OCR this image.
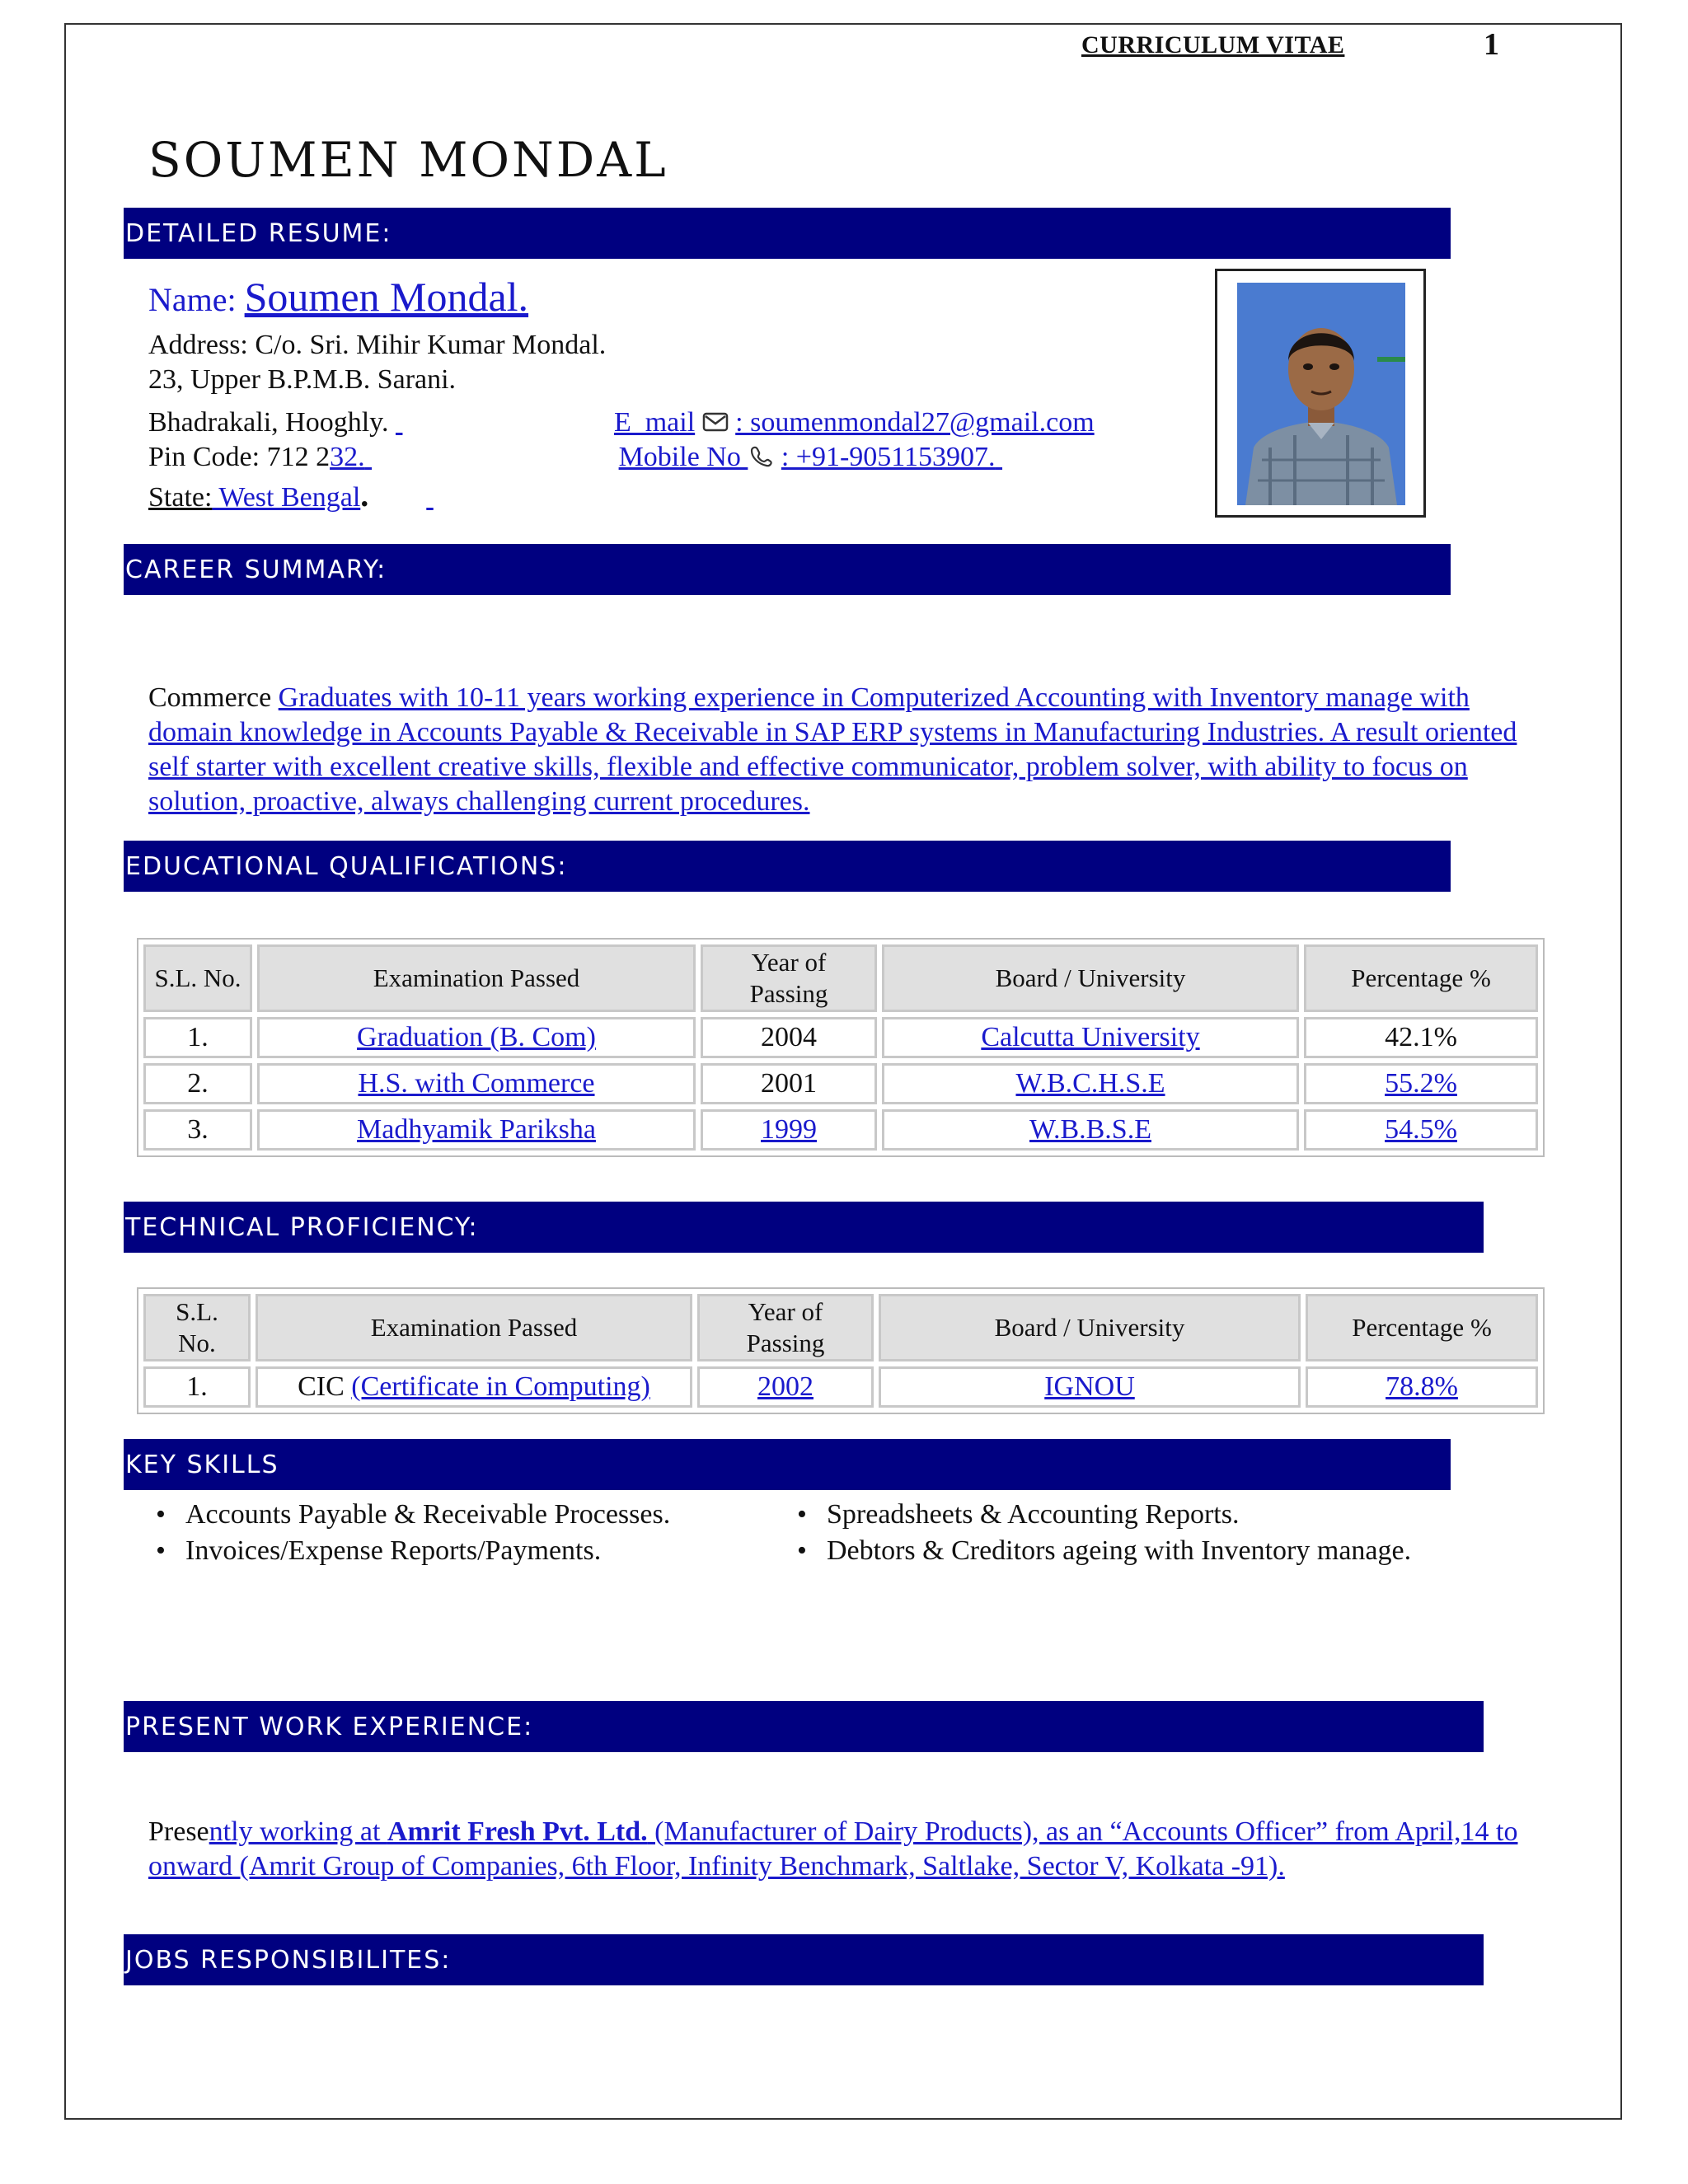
CURRICULUM VITAE	1
SOUMEN MONDAL
DETAILED RESUME:
Name: Soumen Mondal.
Address: C/o. Sri. Mihir Kumar Mondal.
23, Upper B.P.M.B. Sarani.
Bhadrakali, Hooghly.	E_mail  : soumenmondal27@gmail.com
Pin Code: 712 232.	Mobile No  : +91-9051153907.
State: West Bengal.
CAREER SUMMARY:
Commerce Graduates with 10-11 years working experience in Computerized Accounting with Inventory manage with domain knowledge in Accounts Payable & Receivable in SAP ERP systems in Manufacturing Industries. A result oriented self starter with excellent creative skills, flexible and effective communicator, problem solver, with ability to focus on solution, proactive, always challenging current procedures.
EDUCATIONAL QUALIFICATIONS:
S.L. No.	Examination Passed	Year of Passing	Board / University	Percentage %
1.	Graduation (B. Com)	2004	Calcutta University	42.1%
2.	H.S. with Commerce	2001	W.B.C.H.S.E	55.2%
3.	Madhyamik Pariksha	1999	W.B.B.S.E	54.5%
TECHNICAL PROFICIENCY:
S.L. No.	Examination Passed	Year of Passing	Board / University	Percentage %
1.	CIC (Certificate in Computing)	2002	IGNOU	78.8%
KEY SKILLS
• Accounts Payable & Receivable Processes.
• Invoices/Expense Reports/Payments.
• Spreadsheets & Accounting Reports.
• Debtors & Creditors ageing with Inventory manage.
PRESENT WORK EXPERIENCE:
Presently working at Amrit Fresh Pvt. Ltd. (Manufacturer of Dairy Products), as an “Accounts Officer” from April,14 to onward (Amrit Group of Companies, 6th Floor, Infinity Benchmark, Saltlake, Sector V, Kolkata -91).
JOBS RESPONSIBILITES:
